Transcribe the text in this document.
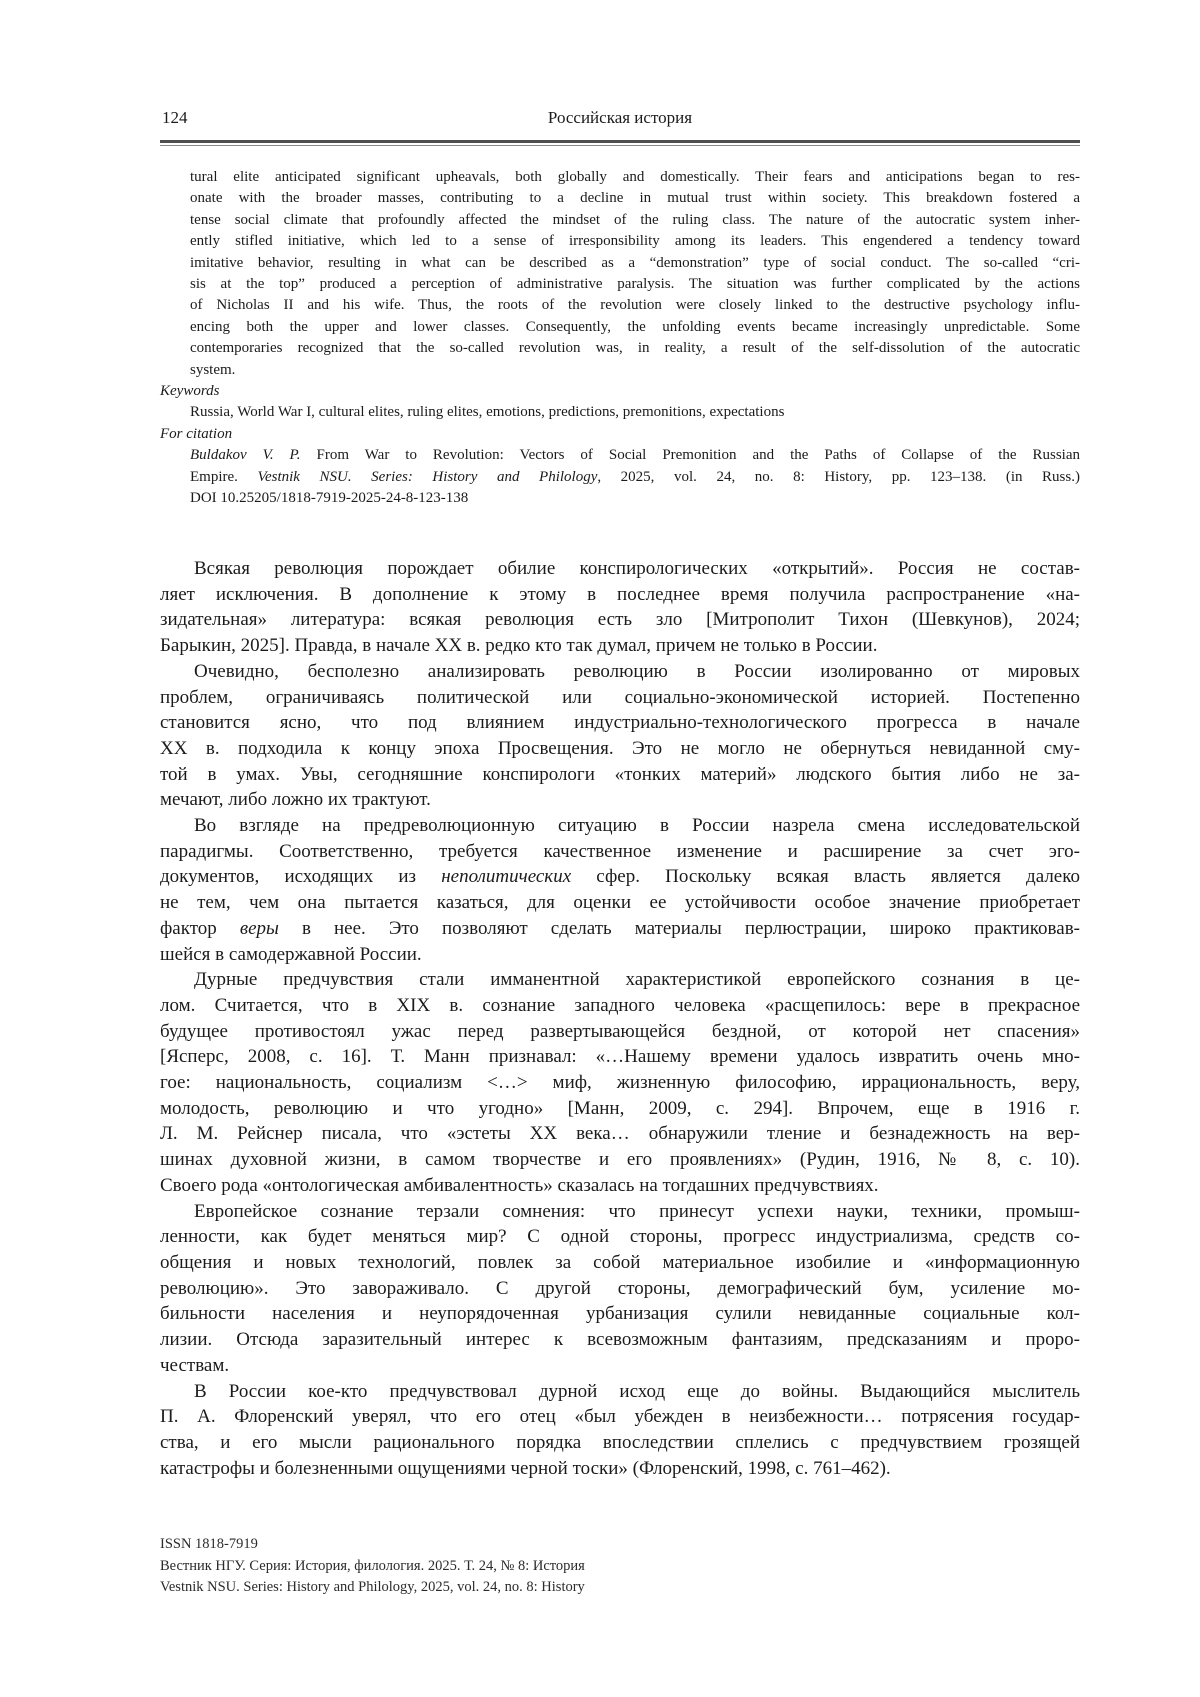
124	Российская история
tural elite anticipated significant upheavals, both globally and domestically. Their fears and anticipations began to res-
onate with the broader masses, contributing to a decline in mutual trust within society. This breakdown fostered a
tense social climate that profoundly affected the mindset of the ruling class. The nature of the autocratic system inher-
ently stifled initiative, which led to a sense of irresponsibility among its leaders. This engendered a tendency toward
imitative behavior, resulting in what can be described as a “demonstration” type of social conduct. The so-called “cri-
sis at the top” produced a perception of administrative paralysis. The situation was further complicated by the actions
of Nicholas II and his wife. Thus, the roots of the revolution were closely linked to the destructive psychology influ-
encing both the upper and lower classes. Consequently, the unfolding events became increasingly unpredictable. Some
contemporaries recognized that the so-called revolution was, in reality, a result of the self-dissolution of the autocratic
system.
Keywords
Russia, World War I, cultural elites, ruling elites, emotions, predictions, premonitions, expectations
For citation
Buldakov V. P. From War to Revolution: Vectors of Social Premonition and the Paths of Collapse of the Russian
Empire. Vestnik NSU. Series: History and Philology, 2025, vol. 24, no. 8: History, pp. 123–138. (in Russ.)
DOI 10.25205/1818-7919-2025-24-8-123-138
Всякая революция порождает обилие конспирологических «открытий». Россия не состав-
ляет исключения. В дополнение к этому в последнее время получила распространение «на-
зидательная» литература: всякая революция есть зло [Митрополит Тихон (Шевкунов), 2024;
Барыкин, 2025]. Правда, в начале XX в. редко кто так думал, причем не только в России.
Очевидно, бесполезно анализировать революцию в России изолированно от мировых
проблем, ограничиваясь политической или социально-экономической историей. Постепенно
становится ясно, что под влиянием индустриально-технологического прогресса в начале
XX в. подходила к концу эпоха Просвещения. Это не могло не обернуться невиданной сму-
той в умах. Увы, сегодняшние конспирологи «тонких материй» людского бытия либо не за-
мечают, либо ложно их трактуют.
Во взгляде на предреволюционную ситуацию в России назрела смена исследовательской
парадигмы. Соответственно, требуется качественное изменение и расширение за счет эго-
документов, исходящих из неполитических сфер. Поскольку всякая власть является далеко
не тем, чем она пытается казаться, для оценки ее устойчивости особое значение приобретает
фактор веры в нее. Это позволяют сделать материалы перлюстрации, широко практиковав-
шейся в самодержавной России.
Дурные предчувствия стали имманентной характеристикой европейского сознания в це-
лом. Считается, что в XIX в. сознание западного человека «расщепилось: вере в прекрасное
будущее противостоял ужас перед развертывающейся бездной, от которой нет спасения»
[Ясперс, 2008, с. 16]. Т. Манн признавал: «…Нашему времени удалось извратить очень мно-
гое: национальность, социализм <…> миф, жизненную философию, иррациональность, веру,
молодость, революцию и что угодно» [Манн, 2009, с. 294]. Впрочем, еще в 1916 г.
Л. М. Рейснер писала, что «эстеты XX века… обнаружили тление и безнадежность на вер-
шинах духовной жизни, в самом творчестве и его проявлениях» (Рудин, 1916, № 8, с. 10).
Своего рода «онтологическая амбивалентность» сказалась на тогдашних предчувствиях.
Европейское сознание терзали сомнения: что принесут успехи науки, техники, промыш-
ленности, как будет меняться мир? С одной стороны, прогресс индустриализма, средств со-
общения и новых технологий, повлек за собой материальное изобилие и «информационную
революцию». Это завораживало. С другой стороны, демографический бум, усиление мо-
бильности населения и неупорядоченная урбанизация сулили невиданные социальные кол-
лизии. Отсюда заразительный интерес к всевозможным фантазиям, предсказаниям и проро-
чествам.
В России кое-кто предчувствовал дурной исход еще до войны. Выдающийся мыслитель
П. А. Флоренский уверял, что его отец «был убежден в неизбежности… потрясения государ-
ства, и его мысли рационального порядка впоследствии сплелись с предчувствием грозящей
катастрофы и болезненными ощущениями черной тоски» (Флоренский, 1998, с. 761–462).
ISSN 1818-7919
Вестник НГУ. Серия: История, филология. 2025. Т. 24, № 8: История
Vestnik NSU. Series: History and Philology, 2025, vol. 24, no. 8: History
